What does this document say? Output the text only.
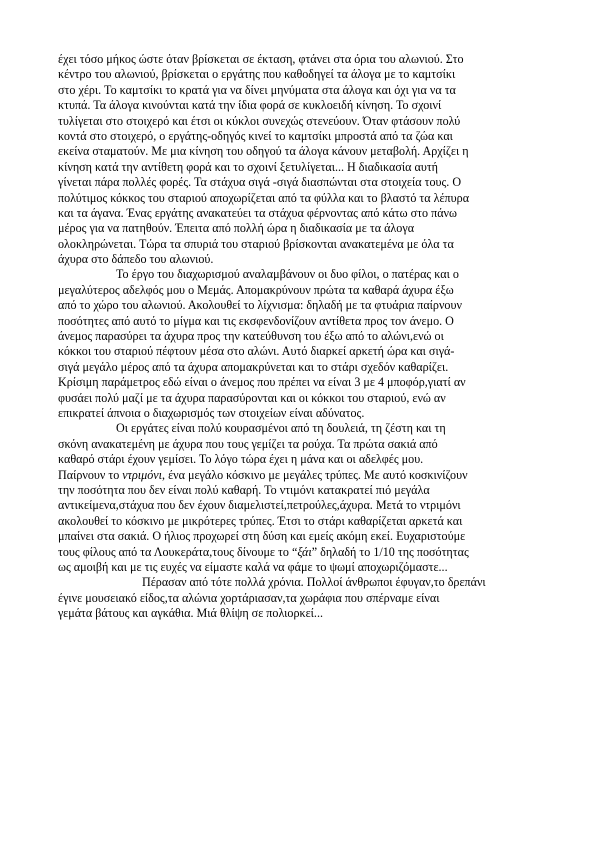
έχει τόσο μήκος ώστε όταν βρίσκεται σε έκταση, φτάνει στα όρια του αλωνιού. Στο
κέντρο του αλωνιού, βρίσκεται ο εργάτης που καθοδηγεί τα άλογα με το καμτσίκι
στο χέρι. Το καμτσίκι το κρατά για να δίνει μηνύματα στα άλογα και όχι για να τα
κτυπά. Τα άλογα κινούνται κατά την ίδια φορά σε κυκλοειδή κίνηση. Το σχοινί
τυλίγεται στο στοιχερό και έτσι οι κύκλοι συνεχώς στενεύουν. Όταν φτάσουν πολύ
κοντά στο στοιχερό, ο εργάτης-οδηγός κινεί το καμτσίκι μπροστά από τα ζώα και
εκείνα σταματούν. Με μια κίνηση του οδηγού τα άλογα κάνουν μεταβολή. Αρχίζει η
κίνηση κατά την αντίθετη φορά και το σχοινί ξετυλίγεται... Η διαδικασία αυτή
γίνεται πάρα πολλές φορές. Τα στάχυα σιγά -σιγά διασπώνται στα στοιχεία τους. Ο
πολύτιμος κόκκος του σταριού αποχωρίζεται από τα φύλλα και το βλαστό τα λέπυρα
και τα άγανα. Ένας εργάτης ανακατεύει τα στάχυα φέρνοντας από κάτω στο πάνω
μέρος για να πατηθούν. Έπειτα από πολλή ώρα η διαδικασία με τα άλογα
ολοκληρώνεται. Τώρα τα σπυριά του σταριού βρίσκονται ανακατεμένα με όλα τα
άχυρα στο δάπεδο του αλωνιού.
Το έργο του διαχωρισμού αναλαμβάνουν οι δυο φίλοι, ο πατέρας και ο
μεγαλύτερος αδελφός μου ο Μεμάς. Απομακρύνουν πρώτα τα καθαρά άχυρα έξω
από το χώρο του αλωνιού. Ακολουθεί το λίχνισμα: δηλαδή με τα φτυάρια παίρνουν
ποσότητες από αυτό το μίγμα και τις εκσφενδονίζουν αντίθετα προς τον άνεμο. Ο
άνεμος παρασύρει τα άχυρα προς την κατεύθυνση του έξω από το αλώνι,ενώ οι
κόκκοι του σταριού πέφτουν μέσα στο αλώνι. Αυτό διαρκεί αρκετή ώρα και σιγά-
σιγά μεγάλο μέρος από τα άχυρα απομακρύνεται και το στάρι σχεδόν καθαρίζει.
Κρίσιμη παράμετρος εδώ είναι ο άνεμος που πρέπει να είναι 3 με 4 μποφόρ,γιατί αν
φυσάει πολύ μαζί με τα άχυρα παρασύρονται και οι κόκκοι του σταριού, ενώ αν
επικρατεί άπνοια ο διαχωρισμός των στοιχείων είναι αδύνατος.
Οι εργάτες είναι πολύ κουρασμένοι από τη δουλειά, τη ζέστη και τη
σκόνη ανακατεμένη με άχυρα που τους γεμίζει τα ρούχα. Τα πρώτα σακιά από
καθαρό στάρι έχουν γεμίσει. Το λόγο τώρα έχει η μάνα και οι αδελφές μου.
Παίρνουν το ντριμόνι, ένα μεγάλο κόσκινο με μεγάλες τρύπες. Με αυτό κοσκινίζουν
την ποσότητα που δεν είναι πολύ καθαρή. Το ντιμόνι κατακρατεί πιό μεγάλα
αντικείμενα,στάχυα που δεν έχουν διαμελιστεί,πετρούλες,άχυρα. Μετά το ντριμόνι
ακολουθεί το κόσκινο με μικρότερες τρύπες. Έτσι το στάρι καθαρίζεται αρκετά και
μπαίνει στα σακιά. Ο ήλιος προχωρεί στη δύση και εμείς ακόμη εκεί. Ευχαριστούμε
τους φίλους από τα Λουκεράτα,τους δίνουμε το “ξάι” δηλαδή το 1/10 της ποσότητας
ως αμοιβή και με τις ευχές να είμαστε καλά να φάμε το ψωμί αποχωριζόμαστε...
Πέρασαν από τότε πολλά χρόνια. Πολλοί άνθρωποι έφυγαν,το δρεπάνι
έγινε μουσειακό είδος,τα αλώνια χορτάριασαν,τα χωράφια που σπέρναμε είναι
γεμάτα βάτους και αγκάθια. Μιά θλίψη σε πολιορκεί...
